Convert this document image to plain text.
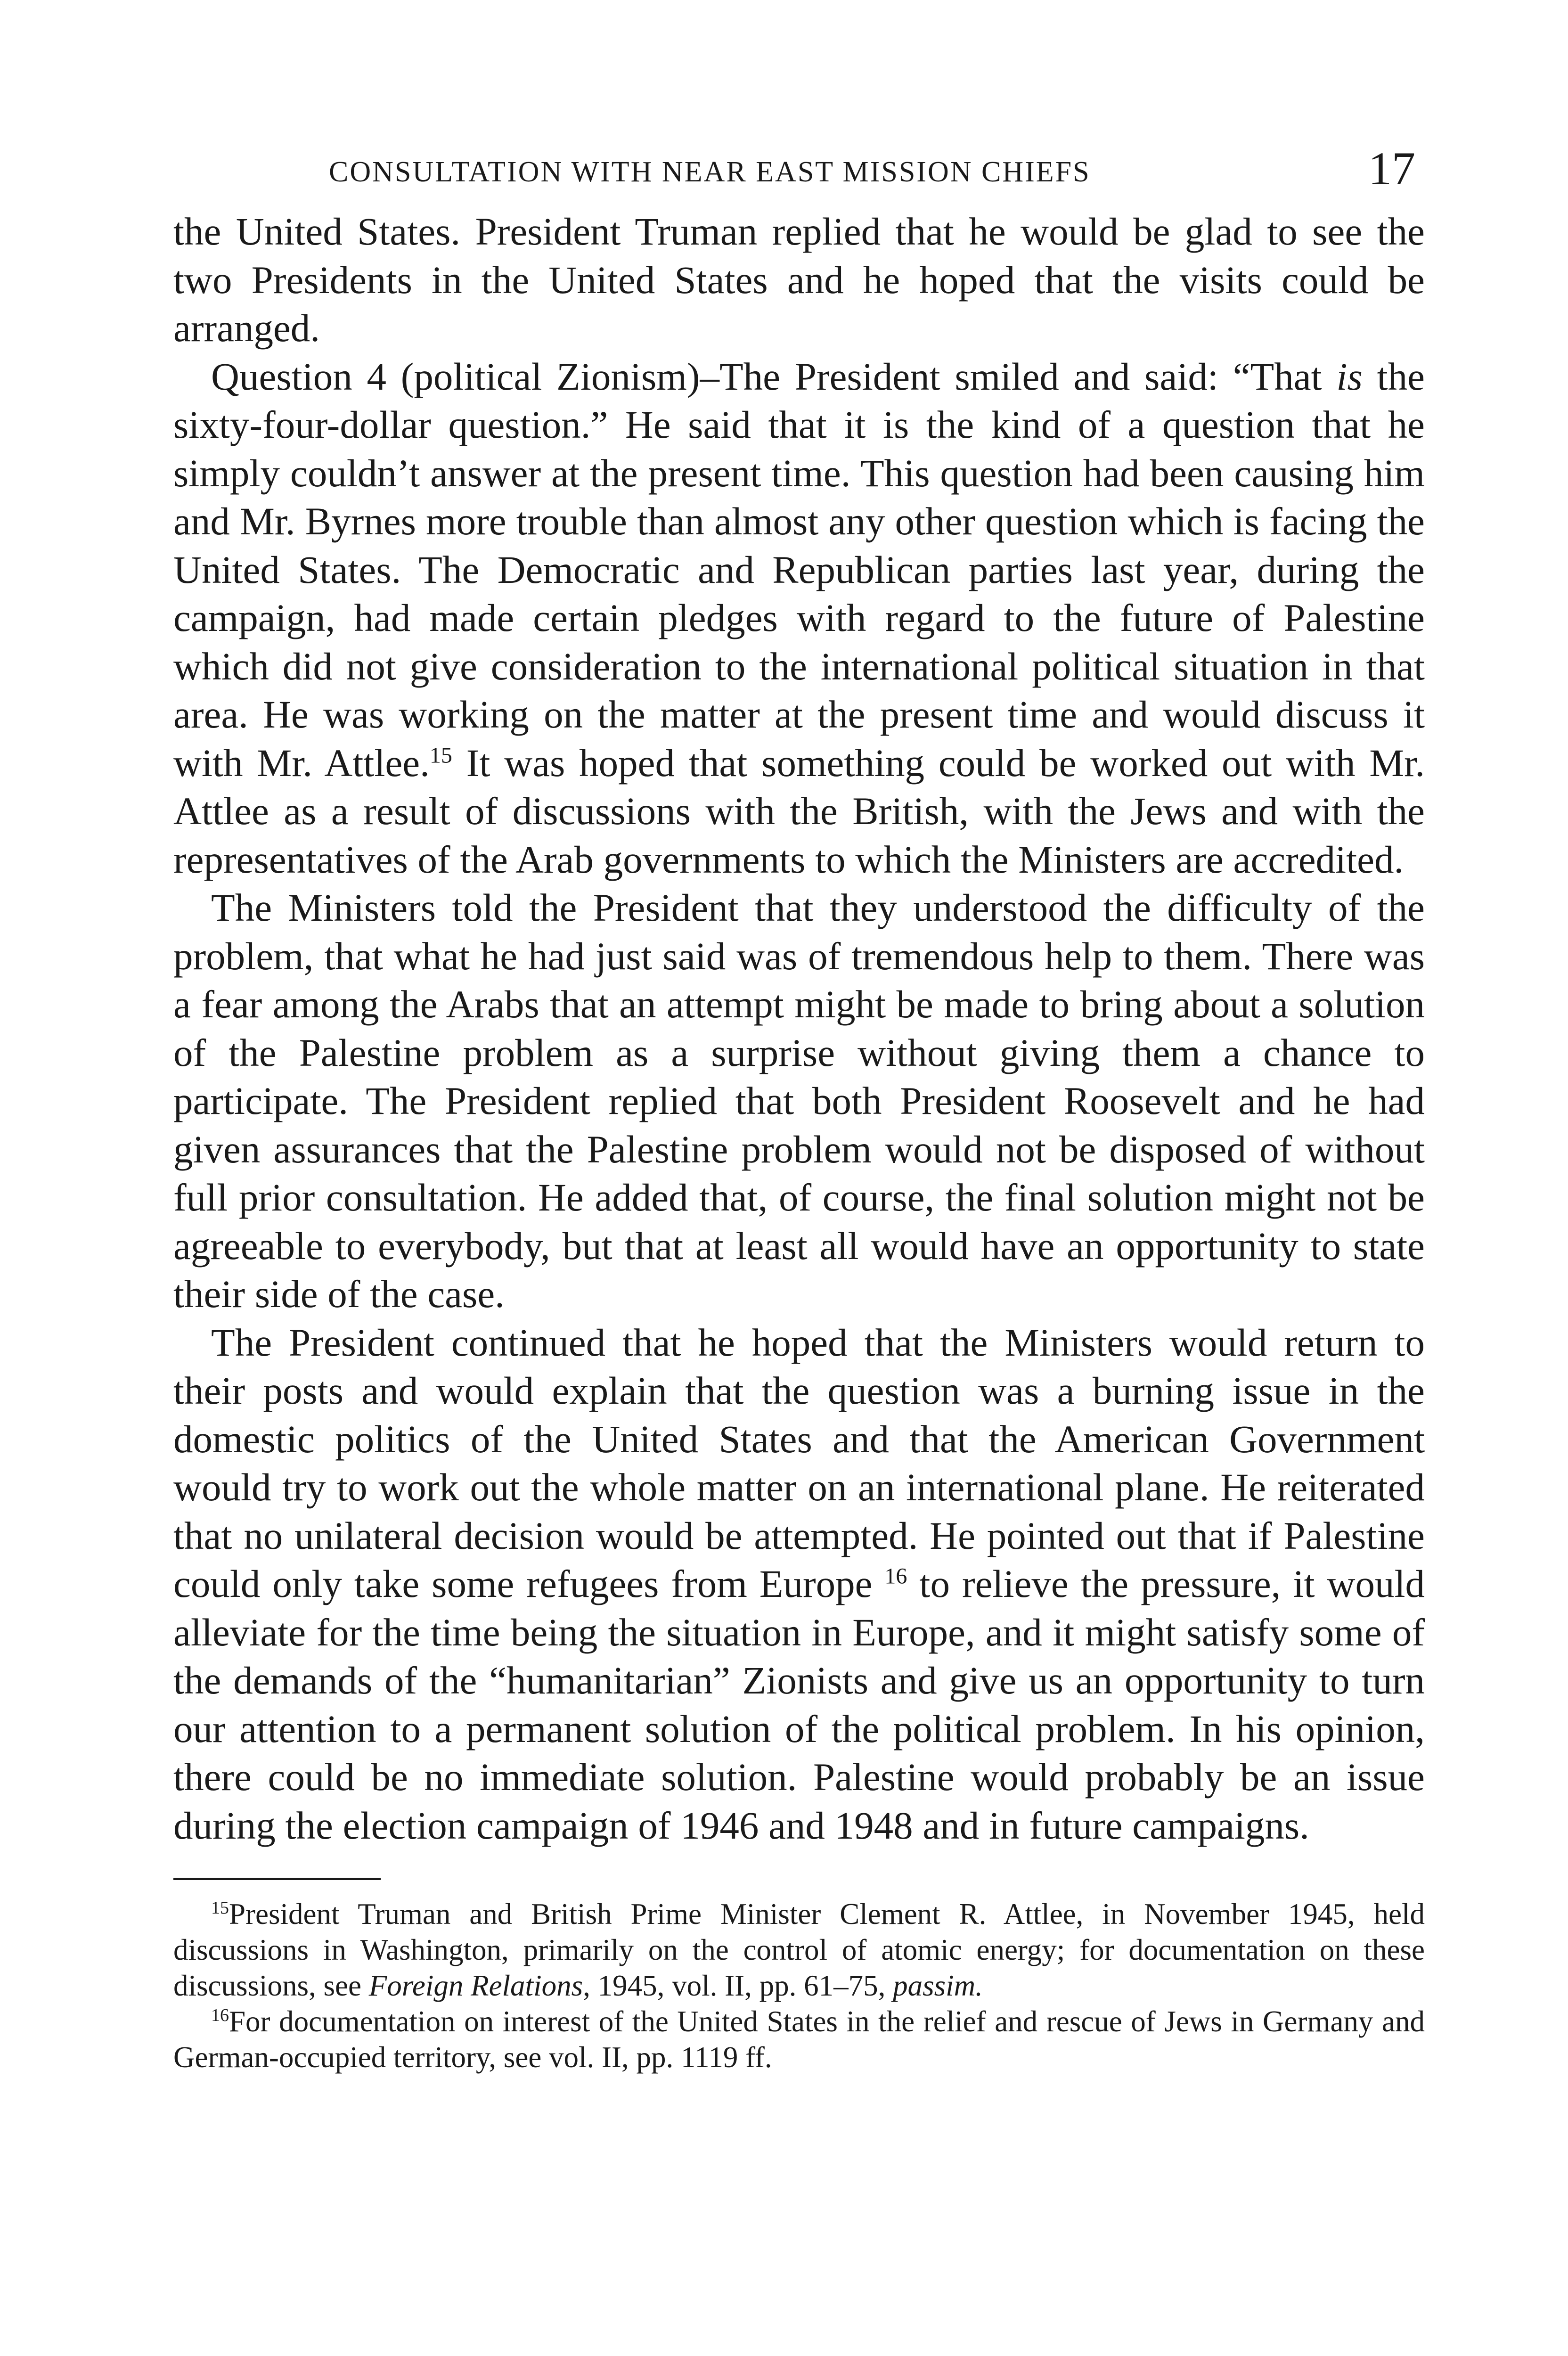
CONSULTATION WITH NEAR EAST MISSION CHIEFS	17

the United States. President Truman replied that he would be glad to see the two Presidents in the United States and he hoped that the visits could be arranged.

Question 4 (political Zionism)–The President smiled and said: “That is the sixty-four-dollar question.” He said that it is the kind of a question that he simply couldn’t answer at the present time. This question had been causing him and Mr. Byrnes more trouble than almost any other question which is facing the United States. The Democratic and Republican parties last year, during the campaign, had made certain pledges with regard to the future of Palestine which did not give consideration to the international political situation in that area. He was working on the matter at the present time and would discuss it with Mr. Attlee.$^{15}$ It was hoped that something could be worked out with Mr. Attlee as a result of discussions with the British, with the Jews and with the representatives of the Arab governments to which the Ministers are accredited.

The Ministers told the President that they understood the difficulty of the problem, that what he had just said was of tremendous help to them. There was a fear among the Arabs that an attempt might be made to bring about a solution of the Palestine problem as a surprise without giving them a chance to participate. The President replied that both President Roosevelt and he had given assurances that the Palestine problem would not be disposed of without full prior consultation. He added that, of course, the final solution might not be agreeable to everybody, but that at least all would have an opportunity to state their side of the case.

The President continued that he hoped that the Ministers would return to their posts and would explain that the question was a burning issue in the domestic politics of the United States and that the American Government would try to work out the whole matter on an international plane. He reiterated that no unilateral decision would be attempted. He pointed out that if Palestine could only take some refugees from Europe $^{16}$ to relieve the pressure, it would alleviate for the time being the situation in Europe, and it might satisfy some of the demands of the “humanitarian” Zionists and give us an opportunity to turn our attention to a permanent solution of the political problem. In his opinion, there could be no immediate solution. Palestine would probably be an issue during the election campaign of 1946 and 1948 and in future campaigns.

$^{15}$President Truman and British Prime Minister Clement R. Attlee, in November 1945, held discussions in Washington, primarily on the control of atomic energy; for documentation on these discussions, see Foreign Relations, 1945, vol. II, pp. 61–75, passim.

$^{16}$For documentation on interest of the United States in the relief and rescue of Jews in Germany and German-occupied territory, see vol. II, pp. 1119 ff.
